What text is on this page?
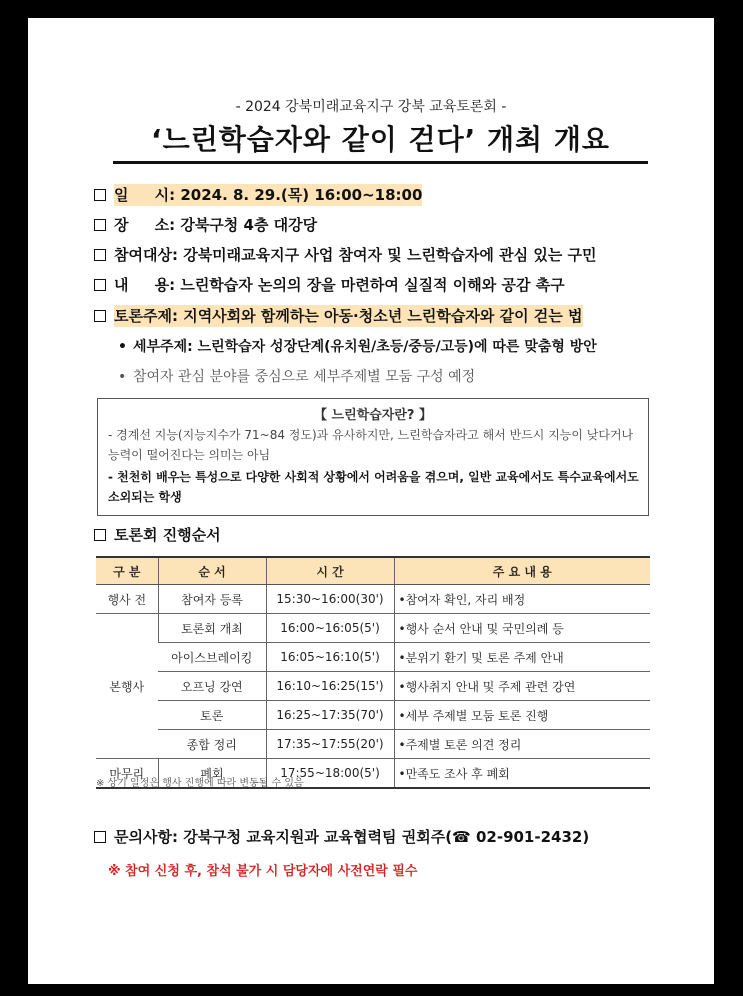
- 2024 강북미래교육지구 강북 교육토론회 -
‘느린학습자와 같이 걷다’ 개최 개요
일     시: 2024. 8. 29.(목) 16:00~18:00
장     소: 강북구청 4층 대강당
참여대상: 강북미래교육지구 사업 참여자 및 느린학습자에 관심 있는 구민
내     용: 느린학습자 논의의 장을 마련하여 실질적 이해와 공감 촉구
토론주제: 지역사회와 함께하는 아동·청소년 느린학습자와 같이 걷는 법
• 세부주제: 느린학습자 성장단계(유치원/초등/중등/고등)에 따른 맞춤형 방안
• 참여자 관심 분야를 중심으로 세부주제별 모둠 구성 예정
【 느린학습자란? 】
- 경계선 지능(지능지수가 71~84 정도)과 유사하지만, 느린학습자라고 해서 반드시 지능이 낮다거나 능력이 떨어진다는 의미는 아님
- 천천히 배우는 특성으로 다양한 사회적 상황에서 어려움을 겪으며, 일반 교육에서도 특수교육에서도 소외되는 학생
토론회 진행순서
구 분	순 서	시 간	주 요 내 용
행사 전	참여자 등록	15:30~16:00(30')	•참여자 확인, 자리 배정
본행사	토론회 개최	16:00~16:05(5')	•행사 순서 안내 및 국민의례 등
	아이스브레이킹	16:05~16:10(5')	•분위기 환기 및 토론 주제 안내
	오프닝 강연	16:10~16:25(15')	•행사취지 안내 및 주제 관련 강연
	토론	16:25~17:35(70')	•세부 주제별 모둠 토론 진행
	종합 정리	17:35~17:55(20')	•주제별 토론 의견 정리
마무리	폐회	17:55~18:00(5')	•만족도 조사 후 폐회
※ 상기 일정은 행사 진행에 따라 변동될 수 있음
문의사항: 강북구청 교육지원과 교육협력팀 권회주(☎ 02-901-2432)
※ 참여 신청 후, 참석 불가 시 담당자에 사전연락 필수
